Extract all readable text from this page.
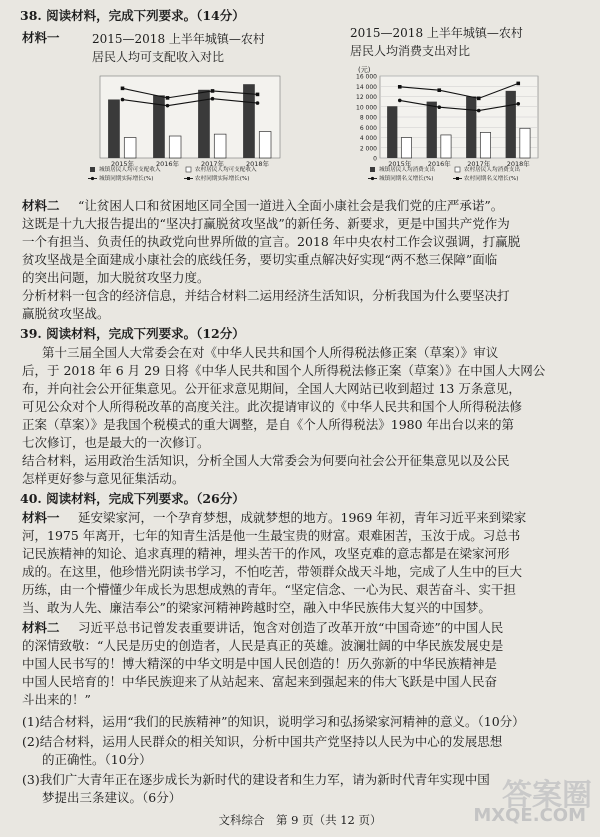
38. 阅读材料，完成下列要求。（14分）
材料一	2015—2018 上半年城镇—农村
居民人均可支配收入对比
2015—2018 上半年城镇—农村
居民人均消费支出对比
2015年	2016年	2017年	2018年
城镇居民人均可支配收入	农村居民人均可支配收入
城镇同期实际增长(%)	农村同期实际增长(%)
0
2 000
4 000
6 000
8 000
10 000
12 000
14 000
16 000
(元)
2015年	2016年	2017年	2018年
城镇居民人均消费支出	农村居民人均消费支出
城镇同期名义增长(%)	农村同期名义增长(%)
材料二 “让贫困人口和贫困地区同全国一道进入全面小康社会是我们党的庄严承诺”。
这既是十九大报告提出的“坚决打赢脱贫攻坚战”的新任务、新要求，更是中国共产党作为
一个有担当、负责任的执政党向世界所做的宣言。2018 年中央农村工作会议强调，打赢脱
贫攻坚战是全面建成小康社会的底线任务，要切实重点解决好实现“两不愁三保障”面临
的突出问题，加大脱贫攻坚力度。
分析材料一包含的经济信息，并结合材料二运用经济生活知识，分析我国为什么要坚决打
赢脱贫攻坚战。
39. 阅读材料，完成下列要求。（12分）
第十三届全国人大常委会在对《中华人民共和国个人所得税法修正案（草案）》审议
后，于 2018 年 6 月 29 日将《中华人民共和国个人所得税法修正案（草案）》在中国人大网公
布，并向社会公开征集意见。公开征求意见期间，全国人大网站已收到超过 13 万条意见，
可见公众对个人所得税改革的高度关注。此次提请审议的《中华人民共和国个人所得税法修
正案（草案）》是我国个税模式的重大调整，是自《个人所得税法》1980 年出台以来的第
七次修订，也是最大的一次修订。
结合材料，运用政治生活知识，分析全国人大常委会为何要向社会公开征集意见以及公民
怎样更好参与意见征集活动。
40. 阅读材料，完成下列要求。（26分）
材料一 延安梁家河，一个孕育梦想，成就梦想的地方。1969 年初，青年习近平来到梁家
河，1975 年离开，七年的知青生活是他一生最宝贵的财富。艰难困苦，玉汝于成。习总书
记民族精神的知论、追求真理的精神，埋头苦干的作风，攻坚克难的意志都是在梁家河形
成的。在这里，他珍惜光阴读书学习，不怕吃苦，带领群众战天斗地，完成了人生中的巨大
历练，由一个懵懂少年成长为思想成熟的青年。“坚定信念、一心为民、艰苦奋斗、实干担
当、敢为人先、廉洁奉公”的梁家河精神跨越时空，融入中华民族伟大复兴的中国梦。
材料二 习近平总书记曾发表重要讲话，饱含对创造了改革开放“中国奇迹”的中国人民
的深情致敬：“人民是历史的创造者，人民是真正的英雄。波澜壮阔的中华民族发展史是
中国人民书写的！博大精深的中华文明是中国人民创造的！历久弥新的中华民族精神是
中国人民培育的！中华民族迎来了从站起来、富起来到强起来的伟大飞跃是中国人民奋
斗出来的！”
(1)结合材料，运用“我们的民族精神”的知识，说明学习和弘扬梁家河精神的意义。（10分）
(2)结合材料，运用人民群众的相关知识，分析中国共产党坚持以人民为中心的发展思想
的正确性。（10分）
(3)我们广大青年正在逐步成长为新时代的建设者和生力军，请为新时代青年实现中国
梦提出三条建议。（6分）	答案圈
MXQE.COM
文科综合　第 9 页（共 12 页）
